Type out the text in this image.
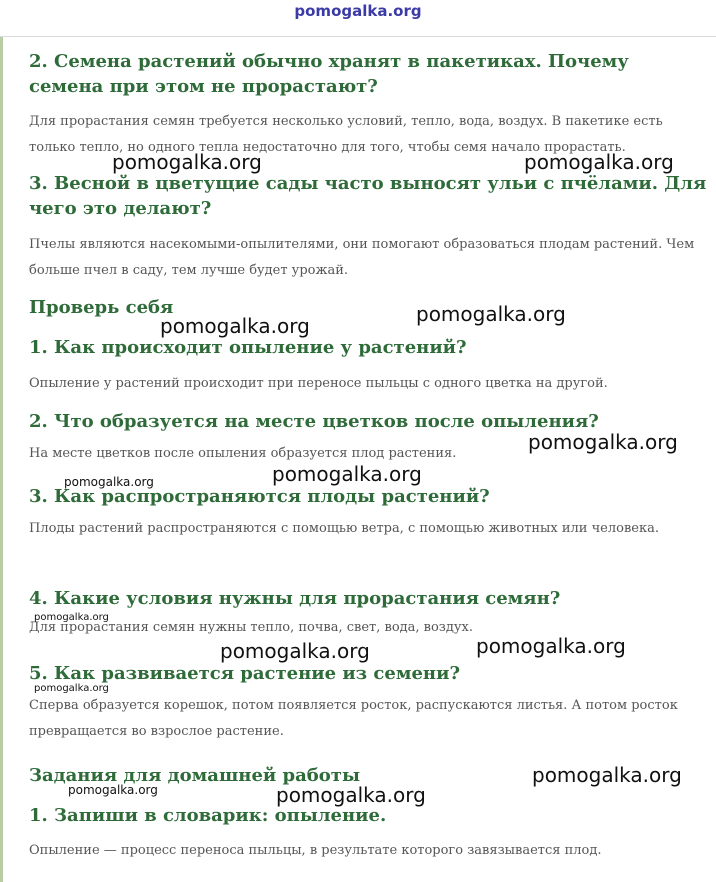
pomogalka.org
2. Семена растений обычно хранят в пакетиках. Почему семена при этом не прорастают?

Для прорастания семян требуется несколько условий, тепло, вода, воздух. В пакетике есть только тепло, но одного тепла недостаточно для того, чтобы семя начало прорастать.

3. Весной в цветущие сады часто выносят ульи с пчёлами. Для чего это делают?

Пчелы являются насекомыми-опылителями, они помогают образоваться плодам растений. Чем больше пчел в саду, тем лучше будет урожай.

Проверь себя
1. Как происходит опыление у растений?

Опыление у растений происходит при переносе пыльцы с одного цветка на другой.

2. Что образуется на месте цветков после опыления?

На месте цветков после опыления образуется плод растения.

3. Как распространяются плоды растений?

Плоды растений распространяются с помощью ветра, с помощью животных или человека.

4. Какие условия нужны для прорастания семян?

Для прорастания семян нужны тепло, почва, свет, вода, воздух.

5. Как развивается растение из семени?

Сперва образуется корешок, потом появляется росток, распускаются листья. А потом росток превращается во взрослое растение.

Задания для домашней работы
1. Запиши в словарик: опыление.

Опыление — процесс переноса пыльцы, в результате которого завязывается плод.

pomogalka.org	pomogalka.org
pomogalka.org	pomogalka.org
pomogalka.org
pomogalka.org
pomogalka.org
pomogalka.org
pomogalka.org	pomogalka.org
pomogalka.org
pomogalka.org
pomogalka.org	pomogalka.org
